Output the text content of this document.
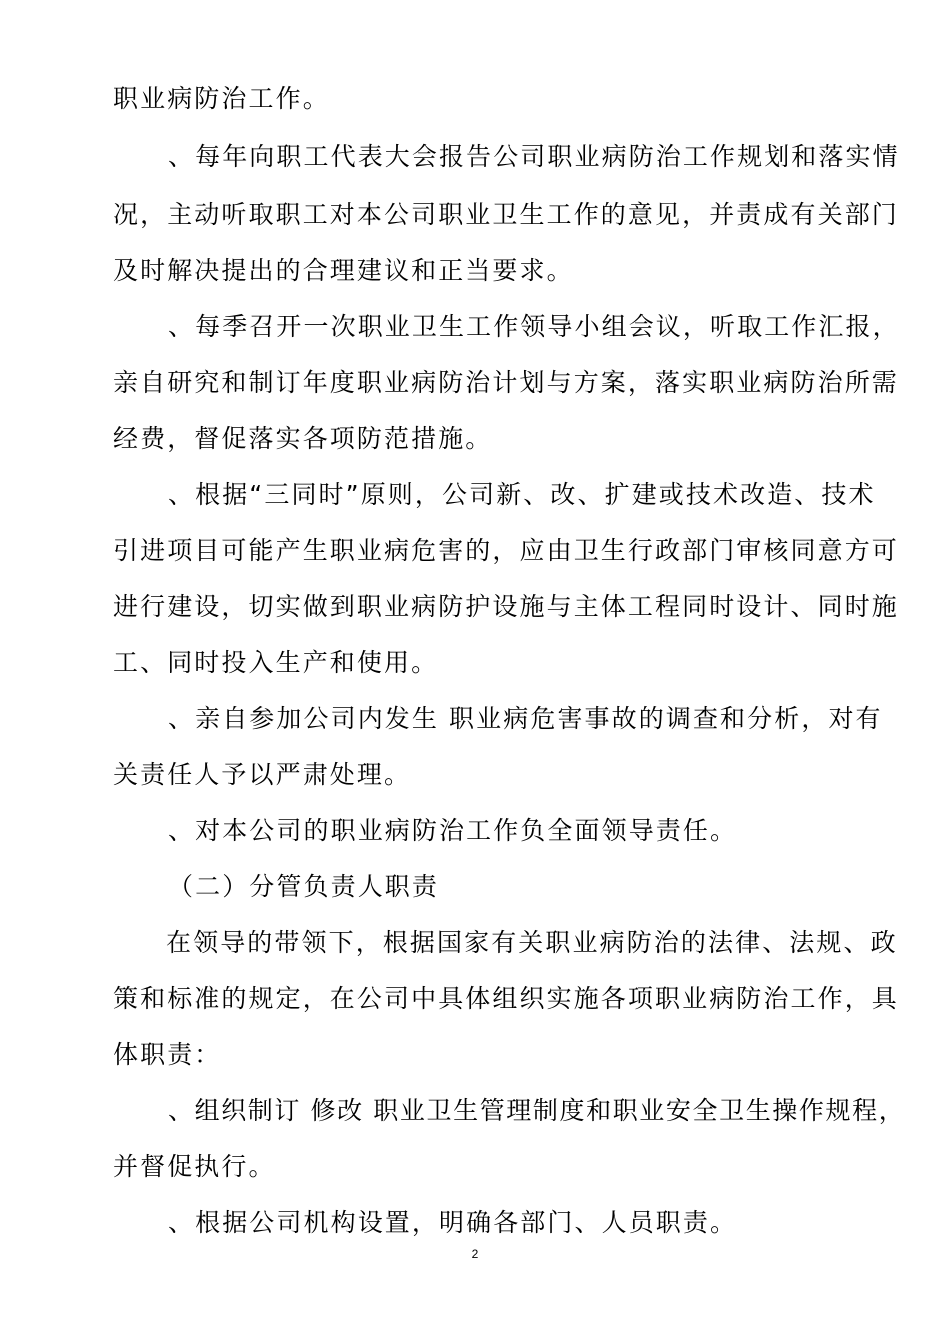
职业病防治工作。
、每年向职工代表大会报告公司职业病防治工作规划和落实情
况，主动听取职工对本公司职业卫生工作的意见，并责成有关部门
及时解决提出的合理建议和正当要求。
、每季召开一次职业卫生工作领导小组会议，听取工作汇报，
亲自研究和制订年度职业病防治计划与方案，落实职业病防治所需
经费，督促落实各项防范措施。
、根据“三同时”原则，公司新、改、扩建或技术改造、技术
引进项目可能产生职业病危害的，应由卫生行政部门审核同意方可
进行建设，切实做到职业病防护设施与主体工程同时设计、同时施
工、同时投入生产和使用。
、亲自参加公司内发生 职业病危害事故的调查和分析，对有
关责任人予以严肃处理。
、对本公司的职业病防治工作负全面领导责任。
（二）分管负责人职责
在领导的带领下，根据国家有关职业病防治的法律、法规、政
策和标准的规定，在公司中具体组织实施各项职业病防治工作，具
体职责：
、组织制订 修改 职业卫生管理制度和职业安全卫生操作规程，
并督促执行。
、根据公司机构设置，明确各部门、人员职责。
2
